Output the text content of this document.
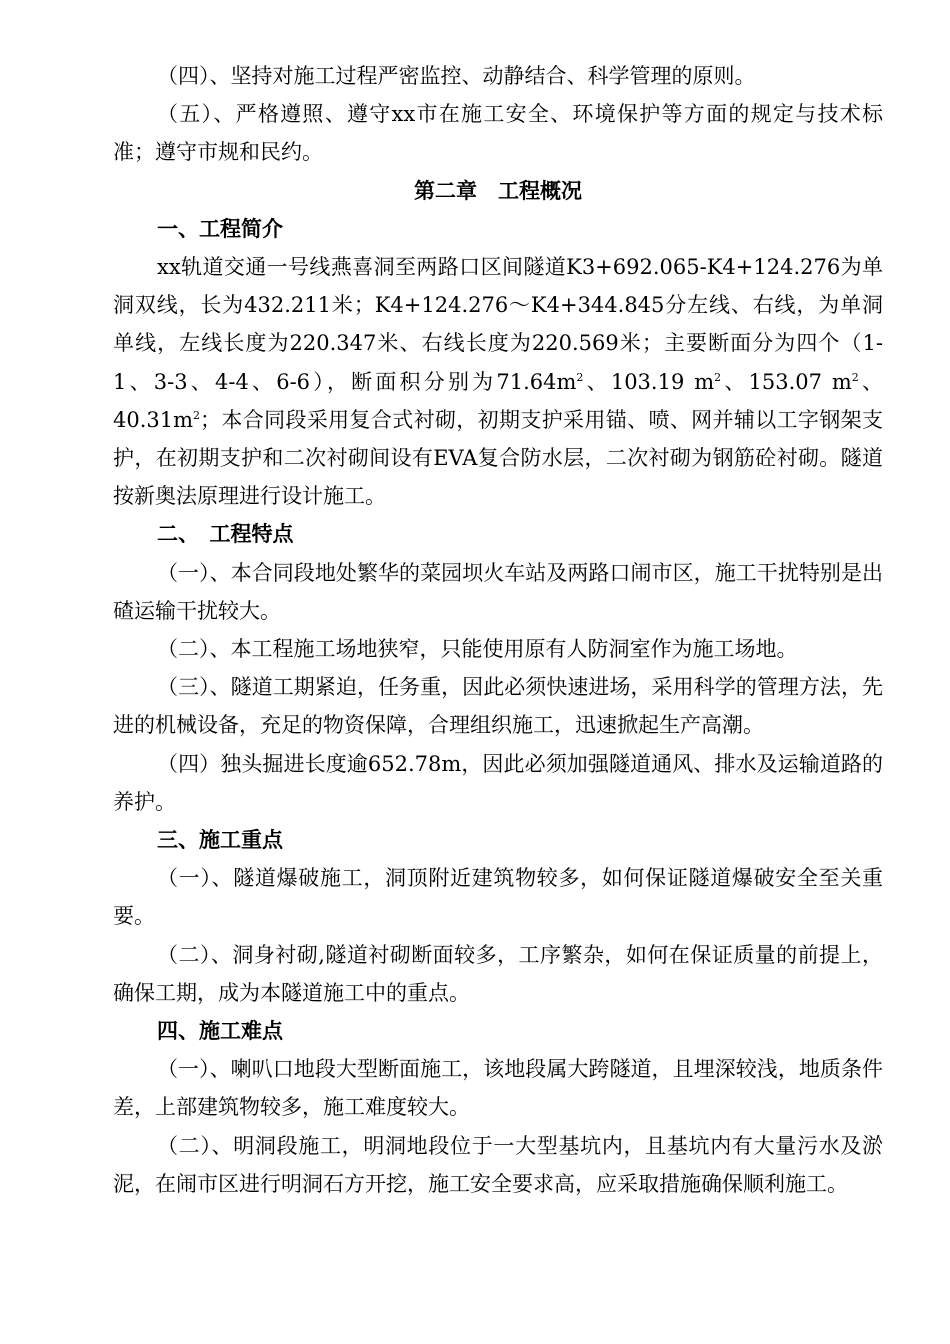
（四）、坚持对施工过程严密监控、动静结合、科学管理的原则。

（五）、严格遵照、遵守xx市在施工安全、环境保护等方面的规定与技术标准；遵守市规和民约。

第二章　工程概况

一、工程简介

xx轨道交通一号线燕喜洞至两路口区间隧道K3+692.065-K4+124.276为单洞双线，长为432.211米；K4+124.276～K4+344.845分左线、右线，为单洞单线，左线长度为220.347米、右线长度为220.569米；主要断面分为四个（1-1、3-3、4-4、6-6），断面积分别为$71.64m^2$、103.19 $m^2$、153.07 $m^2$、$40.31m^2$；本合同段采用复合式衬砌，初期支护采用锚、喷、网并辅以工字钢架支护，在初期支护和二次衬砌间设有EVA复合防水层，二次衬砌为钢筋砼衬砌。隧道按新奥法原理进行设计施工。

二、　工程特点

（一）、本合同段地处繁华的菜园坝火车站及两路口闹市区，施工干扰特别是出碴运输干扰较大。

（二）、本工程施工场地狭窄，只能使用原有人防洞室作为施工场地。

（三）、隧道工期紧迫，任务重，因此必须快速进场，采用科学的管理方法，先进的机械设备，充足的物资保障，合理组织施工，迅速掀起生产高潮。

（四）独头掘进长度逾652.78m，因此必须加强隧道通风、排水及运输道路的养护。

三、施工重点

（一）、隧道爆破施工，洞顶附近建筑物较多，如何保证隧道爆破安全至关重要。

（二）、洞身衬砌,隧道衬砌断面较多，工序繁杂，如何在保证质量的前提上，确保工期，成为本隧道施工中的重点。

四、施工难点

（一）、喇叭口地段大型断面施工，该地段属大跨隧道，且埋深较浅，地质条件差，上部建筑物较多，施工难度较大。

（二）、明洞段施工，明洞地段位于一大型基坑内，且基坑内有大量污水及淤泥，在闹市区进行明洞石方开挖，施工安全要求高，应采取措施确保顺利施工。
